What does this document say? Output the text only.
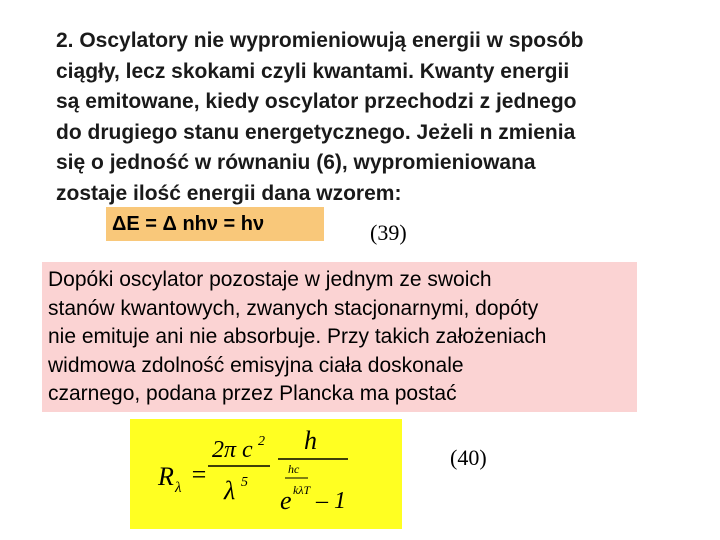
2. Oscylatory nie wypromieniowują energii w sposób
ciągły, lecz skokami czyli kwantami. Kwanty energii
są emitowane, kiedy oscylator przechodzi z jednego
do drugiego stanu energetycznego. Jeżeli n zmienia
się o jedność w równaniu (6), wypromieniowana
zostaje ilość energii dana wzorem:
ΔE = Δ nhν = hν	(39)
Dopóki oscylator pozostaje w jednym ze swoich
stanów kwantowych, zwanych stacjonarnymi, dopóty
nie emituje ani nie absorbuje. Przy takich założeniach
widmowa zdolność emisyjna ciała doskonale
czarnego, podana przez Plancka ma postać
R λ =
2π c 2
λ 5
h
hc
e kλT – 1
(40)
